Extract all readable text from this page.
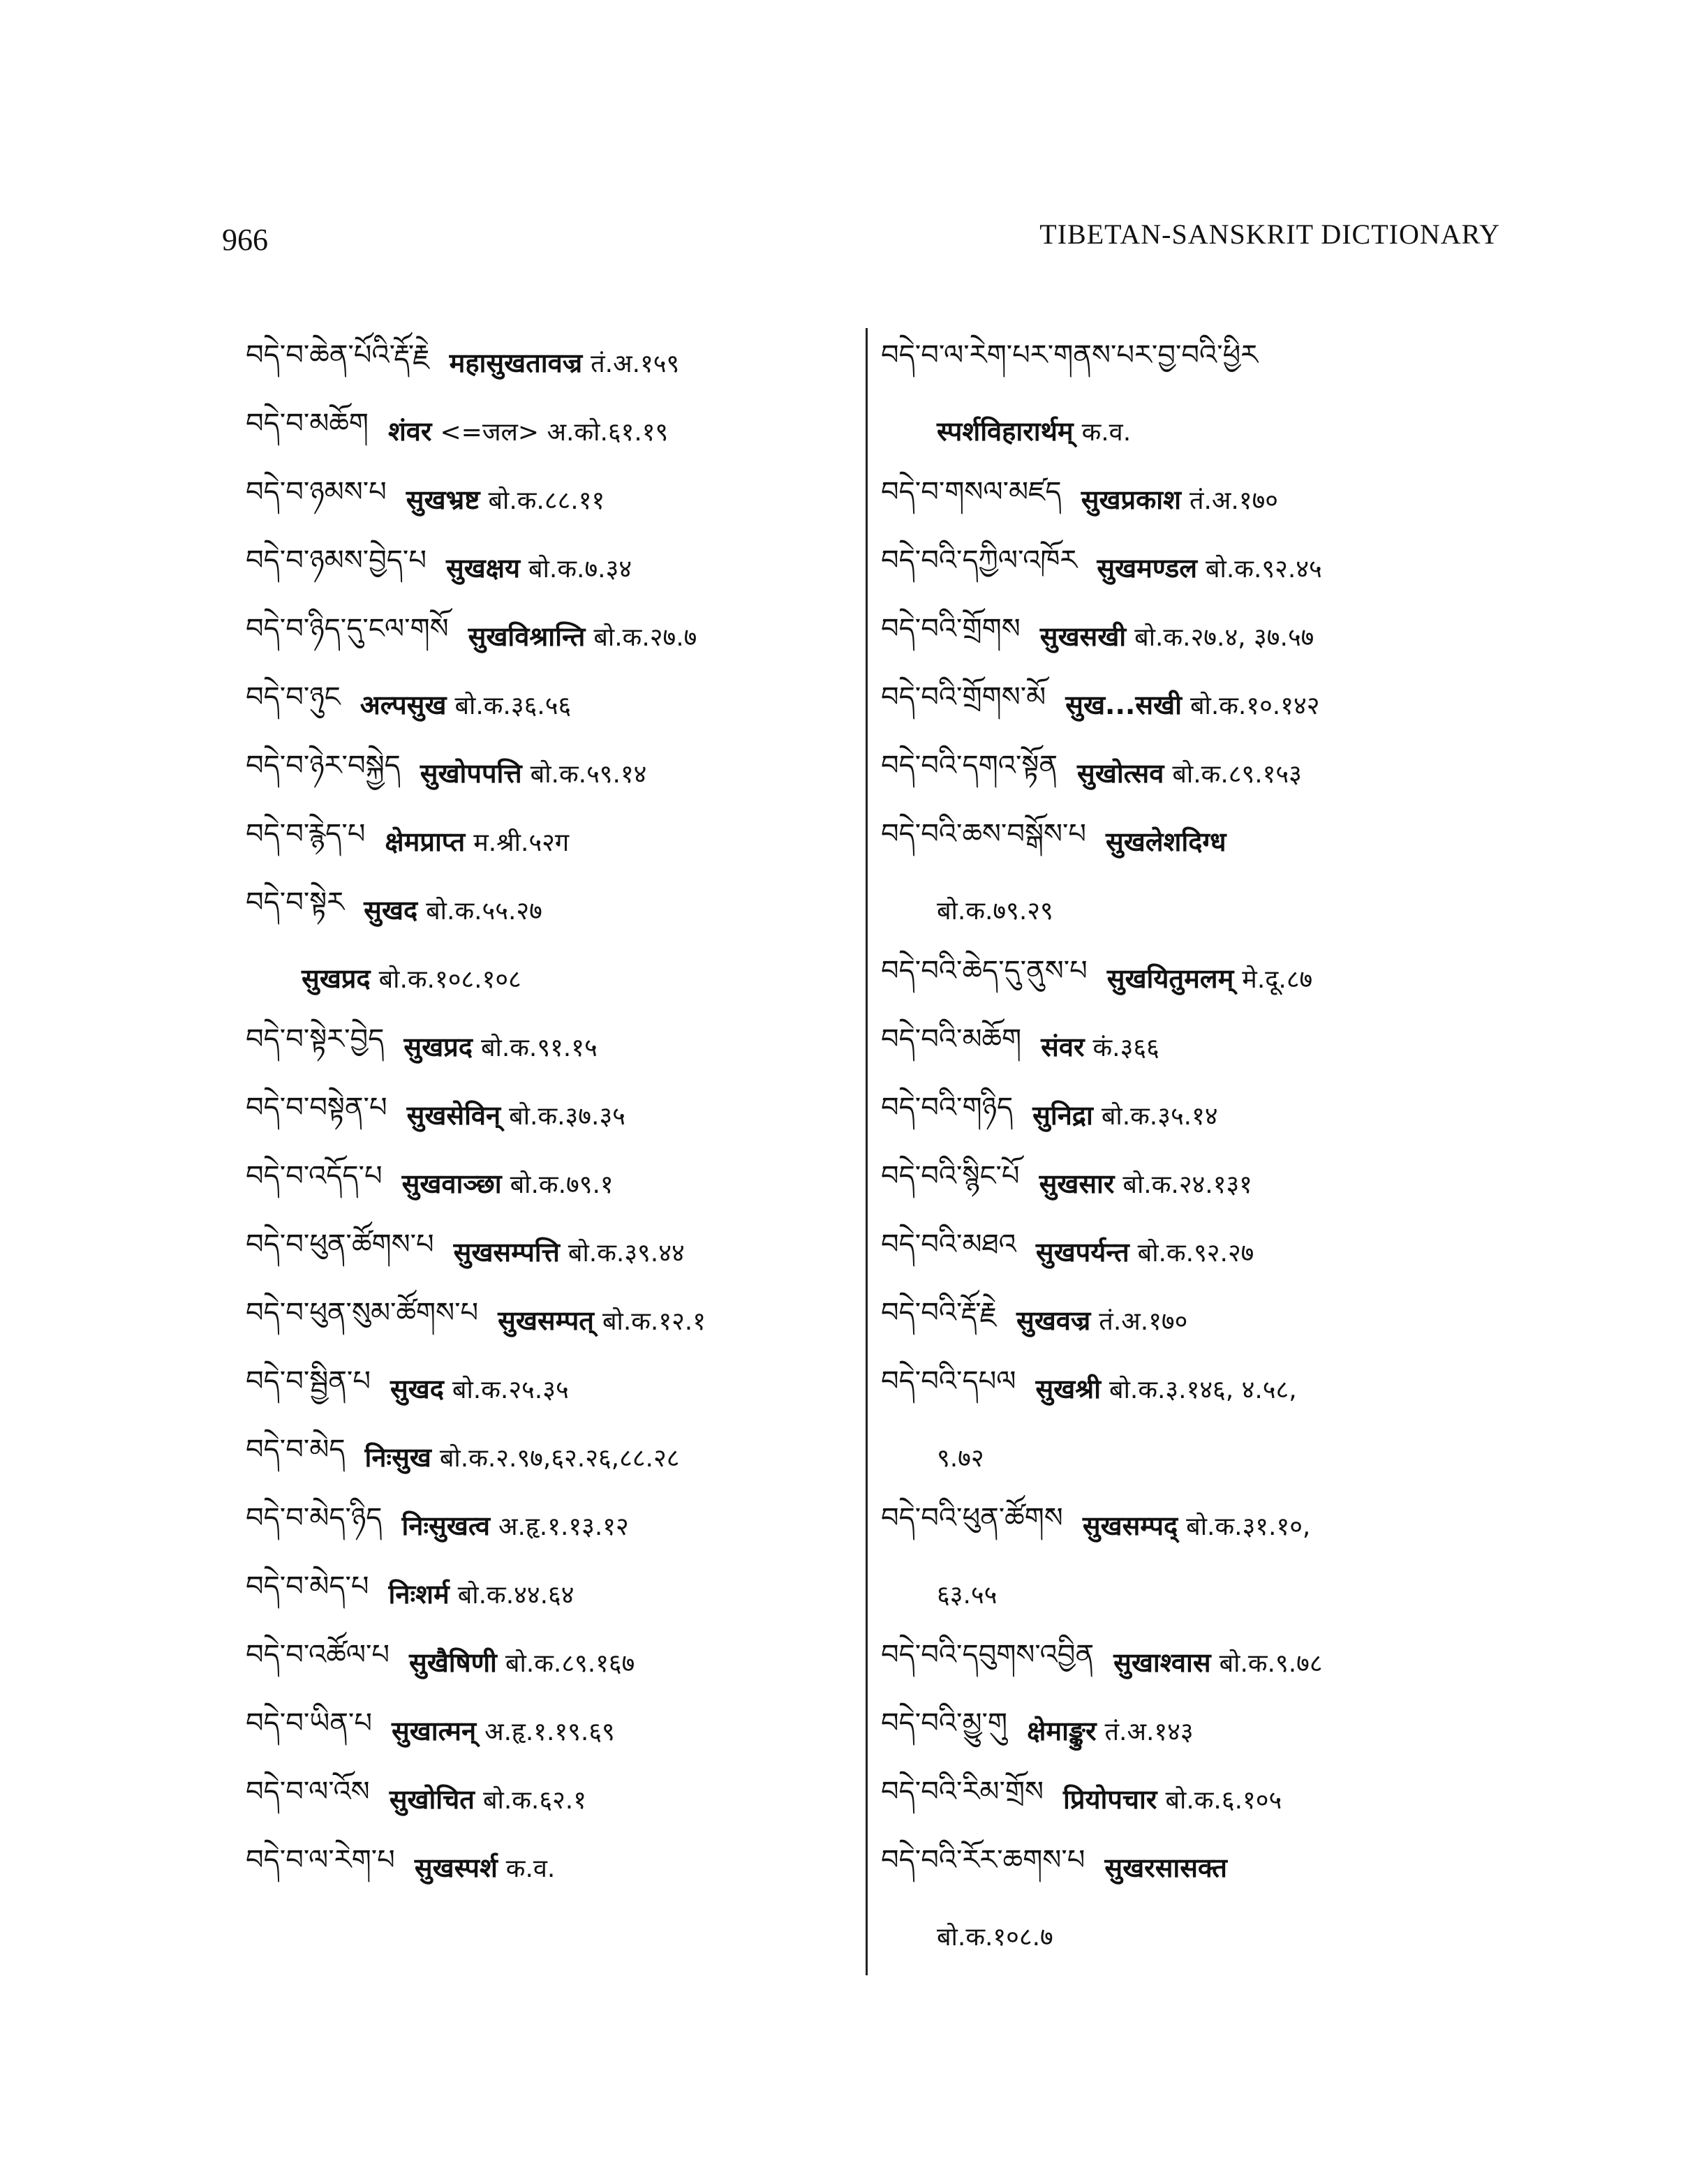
966	TIBETAN-SANSKRIT DICTIONARY
བདེ་བ་ཆེན་པོའི་རྡོ་རྗེ महासुखतावज्र तं.अ.१५९
བདེ་བ་མཆོག शंवर <=जल> अ.को.६१.१९
བདེ་བ་ཉམས་པ सुखभ्रष्ट बो.क.८८.११
བདེ་བ་ཉམས་བྱེད་པ सुखक्षय बो.क.७.३४
བདེ་བ་ཉིད་དུ་ངལ་གསོ सुखविश्रान्ति बो.क.२७.७
བདེ་བ་ཉུང अल्पसुख बो.क.३६.५६
བདེ་བ་ཉེར་བསྐྱེད सुखोपपत्ति बो.क.५९.१४
བདེ་བ་རྙེད་པ क्षेमप्राप्त म.श्री.५२ग
བདེ་བ་སྟེར सुखद बो.क.५५.२७
सुखप्रद बो.क.१०८.१०८
བདེ་བ་སྟེར་བྱེད सुखप्रद बो.क.९१.१५
བདེ་བ་བསྟེན་པ सुखसेविन् बो.क.३७.३५
བདེ་བ་འདོད་པ सुखवाञ्छा बो.क.७९.१
བདེ་བ་ཕུན་ཚོགས་པ सुखसम्पत्ति बो.क.३९.४४
བདེ་བ་ཕུན་སུམ་ཚོགས་པ सुखसम्पत् बो.क.१२.१
བདེ་བ་སྦྱིན་པ सुखद बो.क.२५.३५
བདེ་བ་མེད निःसुख बो.क.२.९७,६२.२६,८८.२८
བདེ་བ་མེད་ཉིད निःसुखत्व अ.हृ.१.१३.१२
བདེ་བ་མེད་པ निःशर्म बो.क.४४.६४
བདེ་བ་འཚོལ་པ सुखैषिणी बो.क.८९.१६७
བདེ་བ་ཡིན་པ सुखात्मन् अ.हृ.१.१९.६९
བདེ་བ་ལ་འོས सुखोचित बो.क.६२.१
བདེ་བ་ལ་རེག་པ सुखस्पर्श क.व.
བདེ་བ་ལ་རེག་པར་གནས་པར་བྱ་བའི་ཕྱིར
स्पर्शविहारार्थम् क.व.
བདེ་བ་གསལ་མཛད सुखप्रकाश तं.अ.१७०
བདེ་བའི་དཀྱིལ་འཁོར सुखमण्डल बो.क.९२.४५
བདེ་བའི་གྲོགས सुखसखी बो.क.२७.४, ३७.५७
བདེ་བའི་གྲོགས་མོ सुख...सखी बो.क.१०.१४२
བདེ་བའི་དགའ་སྟོན सुखोत्सव बो.क.८९.१५३
བདེ་བའི་ཆས་བསྒོས་པ सुखलेशदिग्ध
बो.क.७९.२९
བདེ་བའི་ཆེད་དུ་ནུས་པ सुखयितुमलम् मे.दू.८७
བདེ་བའི་མཆོག संवर कं.३६६
བདེ་བའི་གཉིད सुनिद्रा बो.क.३५.१४
བདེ་བའི་སྙིང་པོ सुखसार बो.क.२४.१३१
བདེ་བའི་མཐའ सुखपर्यन्त बो.क.९२.२७
བདེ་བའི་རྡོ་རྗེ सुखवज्र तं.अ.१७०
བདེ་བའི་དཔལ सुखश्री बो.क.३.१४६, ४.५८,
९.७२
བདེ་བའི་ཕུན་ཚོགས सुखसम्पद् बो.क.३१.१०,
६३.५५
བདེ་བའི་དབུགས་འབྱིན सुखाश्वास बो.क.९.७८
བདེ་བའི་མྱུ་གུ क्षेमाङ्कुर तं.अ.१४३
བདེ་བའི་རིམ་གྲོས प्रियोपचार बो.क.६.१०५
བདེ་བའི་རོར་ཆགས་པ सुखरसासक्त
बो.क.१०८.७
